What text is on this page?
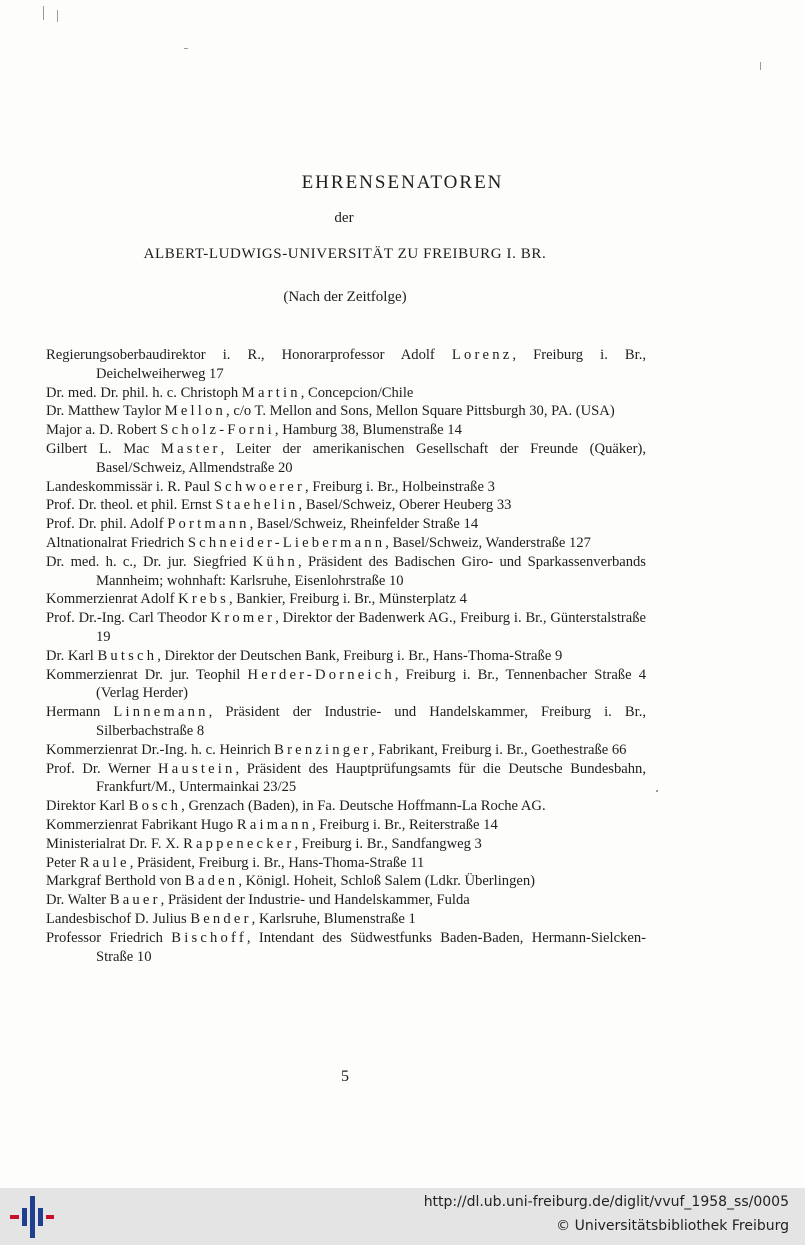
EHRENSENATOREN
der
ALBERT-LUDWIGS-UNIVERSITÄT ZU FREIBURG I. BR.
(Nach der Zeitfolge)
Regierungsoberbaudirektor i. R., Honorarprofessor Adolf Lorenz, Freiburg i. Br., Deichelweiherweg 17
Dr. med. Dr. phil. h. c. Christoph Martin, Concepcion/Chile
Dr. Matthew Taylor Mellon, c/o T. Mellon and Sons, Mellon Square Pittsburgh 30, PA. (USA)
Major a. D. Robert Scholz-Forni, Hamburg 38, Blumenstraße 14
Gilbert L. Mac Master, Leiter der amerikanischen Gesellschaft der Freunde (Quäker), Basel/Schweiz, Allmendstraße 20
Landeskommissär i. R. Paul Schwoerer, Freiburg i. Br., Holbeinstraße 3
Prof. Dr. theol. et phil. Ernst Staehelin, Basel/Schweiz, Oberer Heuberg 33
Prof. Dr. phil. Adolf Portmann, Basel/Schweiz, Rheinfelder Straße 14
Altnationalrat Friedrich Schneider-Liebermann, Basel/Schweiz, Wanderstraße 127
Dr. med. h. c., Dr. jur. Siegfried Kühn, Präsident des Badischen Giro- und Sparkassenverbands Mannheim; wohnhaft: Karlsruhe, Eisenlohrstraße 10
Kommerzienrat Adolf Krebs, Bankier, Freiburg i. Br., Münsterplatz 4
Prof. Dr.-Ing. Carl Theodor Kromer, Direktor der Badenwerk AG., Freiburg i. Br., Günterstalstraße 19
Dr. Karl Butsch, Direktor der Deutschen Bank, Freiburg i. Br., Hans-Thoma-Straße 9
Kommerzienrat Dr. jur. Teophil Herder-Dorneich, Freiburg i. Br., Tennenbacher Straße 4 (Verlag Herder)
Hermann Linnemann, Präsident der Industrie- und Handelskammer, Freiburg i. Br., Silberbachstraße 8
Kommerzienrat Dr.-Ing. h. c. Heinrich Brenzinger, Fabrikant, Freiburg i. Br., Goethestraße 66
Prof. Dr. Werner Haustein, Präsident des Hauptprüfungsamts für die Deutsche Bundesbahn, Frankfurt/M., Untermainkai 23/25
Direktor Karl Bosch, Grenzach (Baden), in Fa. Deutsche Hoffmann-La Roche AG.
Kommerzienrat Fabrikant Hugo Raimann, Freiburg i. Br., Reiterstraße 14
Ministerialrat Dr. F. X. Rappenecker, Freiburg i. Br., Sandfangweg 3
Peter Raule, Präsident, Freiburg i. Br., Hans-Thoma-Straße 11
Markgraf Berthold von Baden, Königl. Hoheit, Schloß Salem (Ldkr. Überlingen)
Dr. Walter Bauer, Präsident der Industrie- und Handelskammer, Fulda
Landesbischof D. Julius Bender, Karlsruhe, Blumenstraße 1
Professor Friedrich Bischoff, Intendant des Südwestfunks Baden-Baden, Hermann-Sielcken-Straße 10
5
http://dl.ub.uni-freiburg.de/diglit/vvuf_1958_ss/0005
© Universitätsbibliothek Freiburg
